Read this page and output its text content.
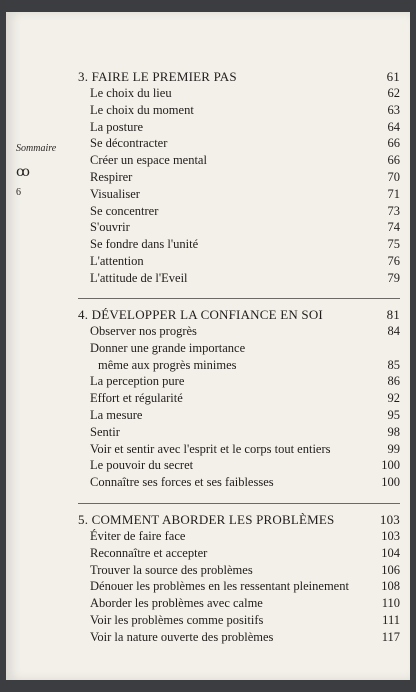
Sommaire
ꝏ
6
3. FAIRE LE PREMIER PAS	61
Le choix du lieu	62
Le choix du moment	63
La posture	64
Se décontracter	66
Créer un espace mental	66
Respirer	70
Visualiser	71
Se concentrer	73
S'ouvrir	74
Se fondre dans l'unité	75
L'attention	76
L'attitude de l'Eveil	79
4. DÉVELOPPER LA CONFIANCE EN SOI	81
Observer nos progrès	84
Donner une grande importance
même aux progrès minimes	85
La perception pure	86
Effort et régularité	92
La mesure	95
Sentir	98
Voir et sentir avec l'esprit et le corps tout entiers	99
Le pouvoir du secret	100
Connaître ses forces et ses faiblesses	100
5. COMMENT ABORDER LES PROBLÈMES	103
Éviter de faire face	103
Reconnaître et accepter	104
Trouver la source des problèmes	106
Dénouer les problèmes en les ressentant pleinement	108
Aborder les problèmes avec calme	110
Voir les problèmes comme positifs	111
Voir la nature ouverte des problèmes	117
